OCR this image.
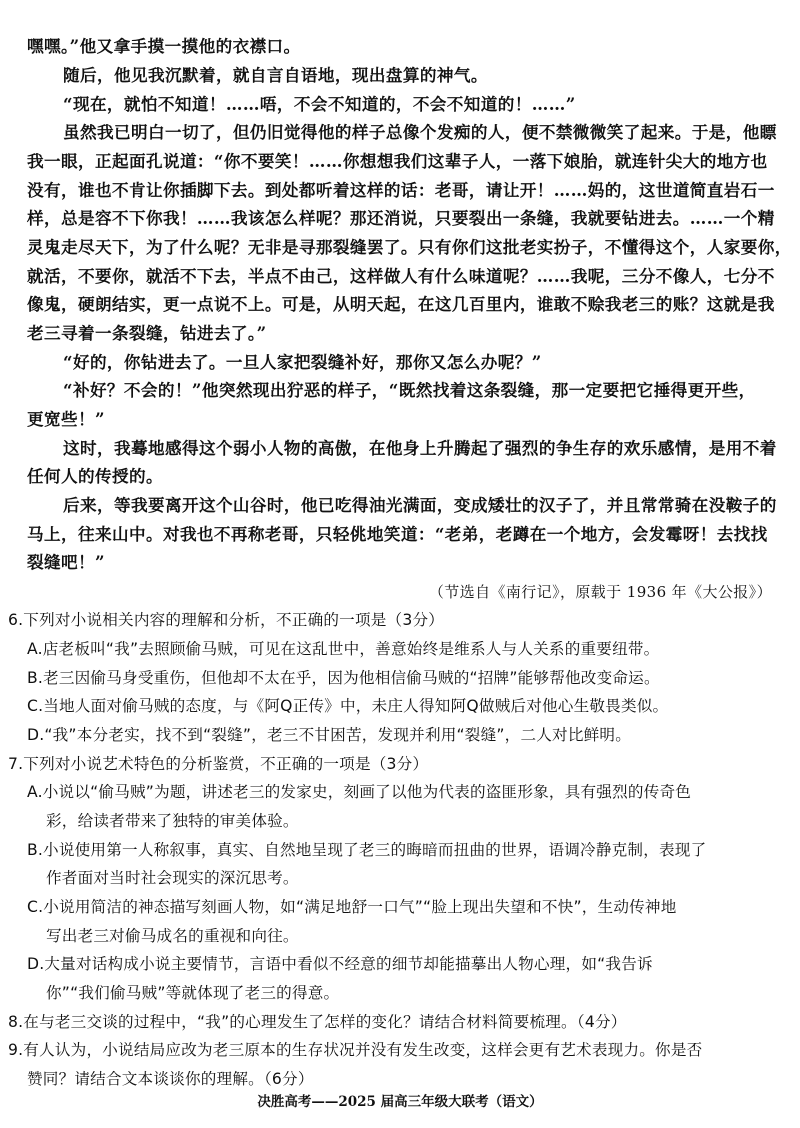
嘿嘿。”他又拿手摸一摸他的衣襟口。
随后，他见我沉默着，就自言自语地，现出盘算的神气。
“现在，就怕不知道！……唔，不会不知道的，不会不知道的！……”
虽然我已明白一切了，但仍旧觉得他的样子总像个发痴的人，便不禁微微笑了起来。于是，他瞟
我一眼，正起面孔说道：“你不要笑！……你想想我们这辈子人，一落下娘胎，就连针尖大的地方也
没有，谁也不肯让你插脚下去。到处都听着这样的话：老哥，请让开！……妈的，这世道简直岩石一
样，总是容不下你我！……我该怎么样呢？那还消说，只要裂出一条缝，我就要钻进去。……一个精
灵鬼走尽天下，为了什么呢？无非是寻那裂缝罢了。只有你们这批老实扮子，不懂得这个，人家要你，
就活，不要你，就活不下去，半点不由己，这样做人有什么味道呢？……我呢，三分不像人，七分不
像鬼，硬朗结实，更一点说不上。可是，从明天起，在这几百里内，谁敢不赊我老三的账？这就是我
老三寻着一条裂缝，钻进去了。”
“好的，你钻进去了。一旦人家把裂缝补好，那你又怎么办呢？”
“补好？不会的！”他突然现出狞恶的样子，“既然找着这条裂缝，那一定要把它捶得更开些，
更宽些！”
这时，我蓦地感得这个弱小人物的高傲，在他身上升腾起了强烈的争生存的欢乐感情，是用不着
任何人的传授的。
后来，等我要离开这个山谷时，他已吃得油光满面，变成矮壮的汉子了，并且常常骑在没鞍子的
马上，往来山中。对我也不再称老哥，只轻佻地笑道：“老弟，老蹲在一个地方，会发霉呀！去找找
裂缝吧！”
（节选自《南行记》，原载于 1936 年《大公报》）
6.下列对小说相关内容的理解和分析，不正确的一项是（3分）
A.店老板叫“我”去照顾偷马贼，可见在这乱世中，善意始终是维系人与人关系的重要纽带。
B.老三因偷马身受重伤，但他却不太在乎，因为他相信偷马贼的“招牌”能够帮他改变命运。
C.当地人面对偷马贼的态度，与《阿Q正传》中，未庄人得知阿Q做贼后对他心生敬畏类似。
D.“我”本分老实，找不到“裂缝”，老三不甘困苦，发现并利用“裂缝”，二人对比鲜明。
7.下列对小说艺术特色的分析鉴赏，不正确的一项是（3分）
A.小说以“偷马贼”为题，讲述老三的发家史，刻画了以他为代表的盗匪形象，具有强烈的传奇色
彩，给读者带来了独特的审美体验。
B.小说使用第一人称叙事，真实、自然地呈现了老三的晦暗而扭曲的世界，语调冷静克制，表现了
作者面对当时社会现实的深沉思考。
C.小说用简洁的神态描写刻画人物，如“满足地舒一口气”“脸上现出失望和不快”，生动传神地
写出老三对偷马成名的重视和向往。
D.大量对话构成小说主要情节，言语中看似不经意的细节却能描摹出人物心理，如“我告诉
你”“我们偷马贼”等就体现了老三的得意。
8.在与老三交谈的过程中，“我”的心理发生了怎样的变化？请结合材料简要梳理。（4分）
9.有人认为，小说结局应改为老三原本的生存状况并没有发生改变，这样会更有艺术表现力。你是否
赞同？请结合文本谈谈你的理解。（6分）
决胜高考——2025 届高三年级大联考（语文）
